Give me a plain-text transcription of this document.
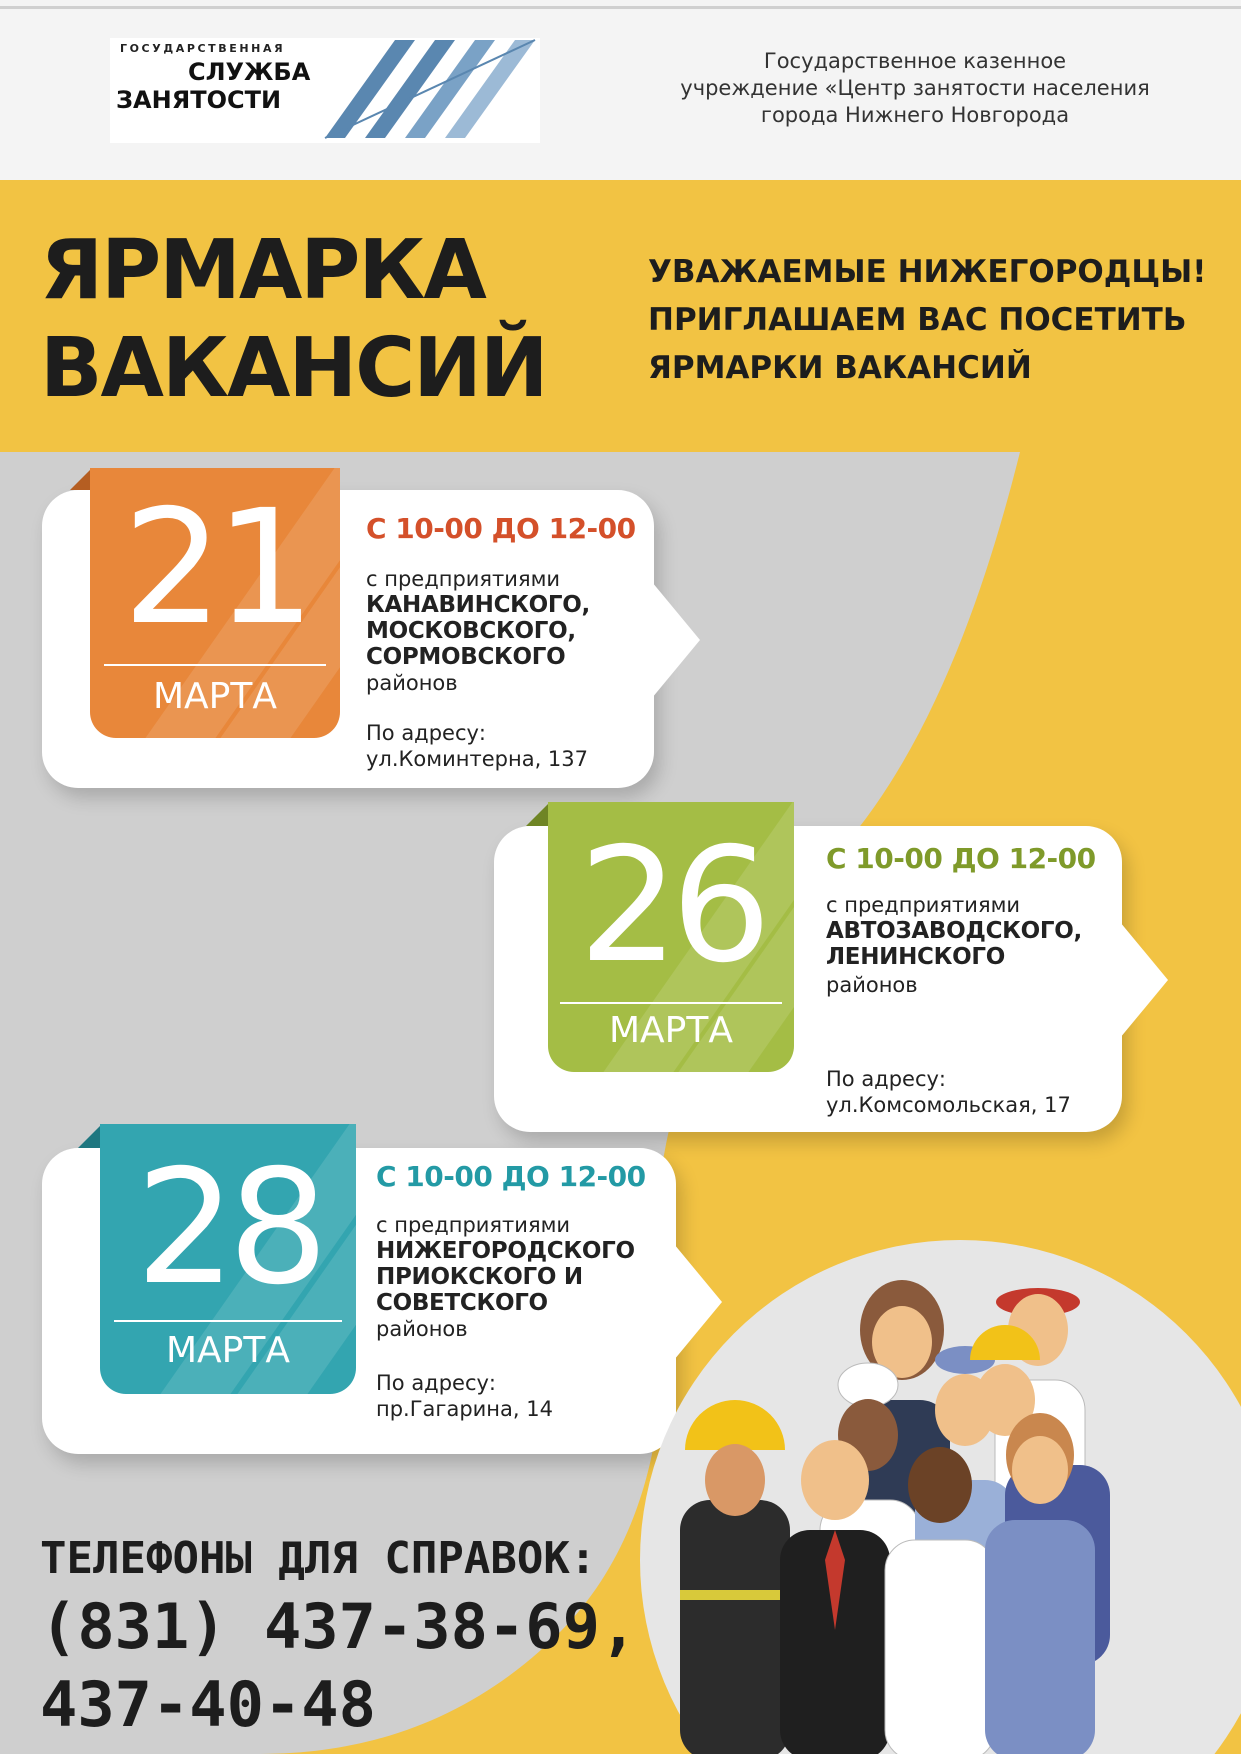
ГОСУДАРСТВЕННАЯ
СЛУЖБА
ЗАНЯТОСТИ
Государственное казенное
учреждение «Центр занятости населения
города Нижнего Новгорода
ЯРМАРКА
ВАКАНСИЙ
УВАЖАЕМЫЕ НИЖЕГОРОДЦЫ!
ПРИГЛАШАЕМ ВАС ПОСЕТИТЬ
ЯРМАРКИ ВАКАНСИЙ
21
МАРТА
С 10-00 ДО 12-00
с предприятиями
КАНАВИНСКОГО,
МОСКОВСКОГО,
СОРМОВСКОГО
районов
По адресу:
ул.Коминтерна, 137
26
МАРТА
С 10-00 ДО 12-00
с предприятиями
АВТОЗАВОДСКОГО,
ЛЕНИНСКОГО
районов
По адресу:
ул.Комсомольская, 17
28
МАРТА
С 10-00 ДО 12-00
с предприятиями
НИЖЕГОРОДСКОГО
ПРИОКСКОГО И
СОВЕТСКОГО
районов
По адресу:
пр.Гагарина, 14
ТЕЛЕФОНЫ ДЛЯ СПРАВОК:
(831) 437-38-69,
437-40-48
